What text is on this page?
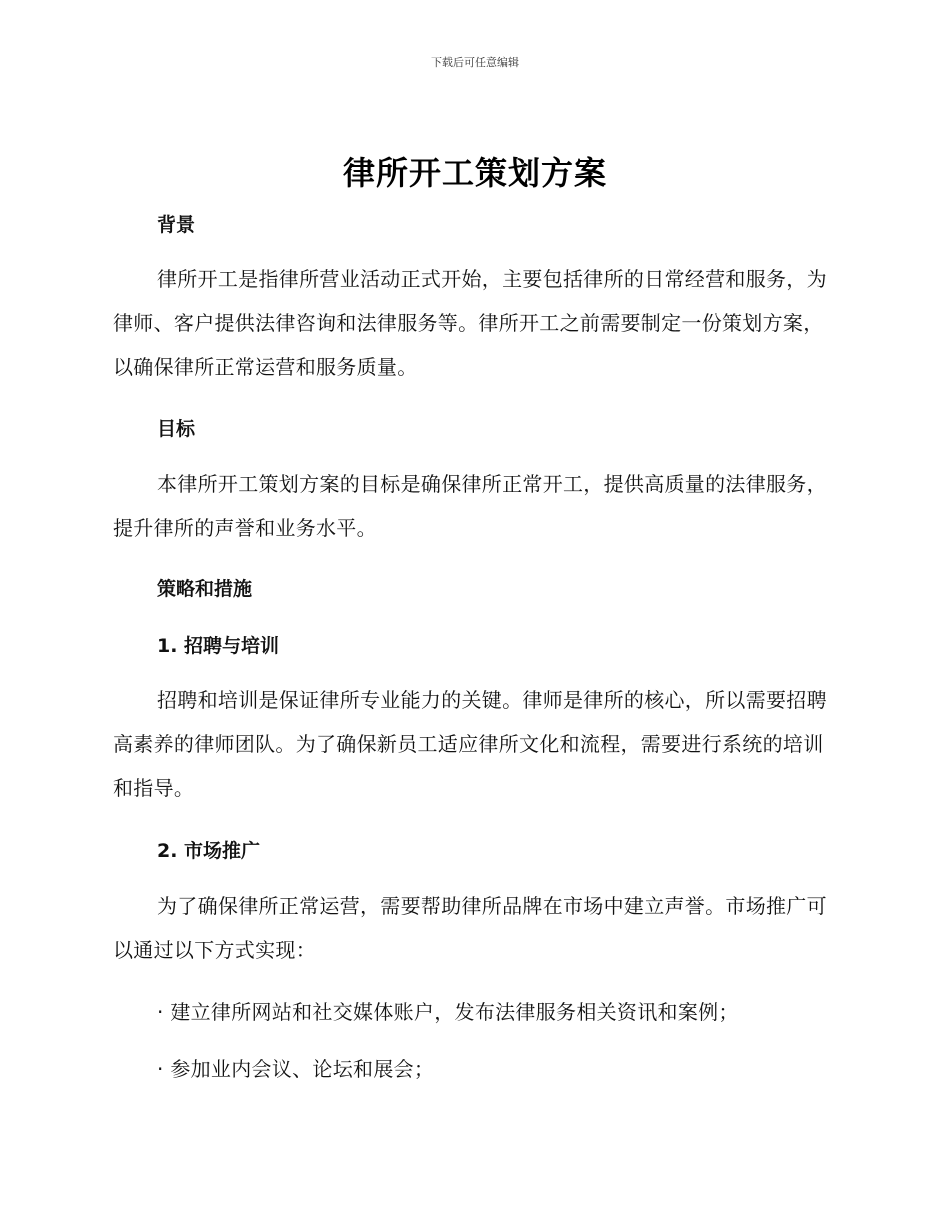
下载后可任意编辑
律所开工策划方案
背景
律所开工是指律所营业活动正式开始，主要包括律所的日常经营和服务，为律师、客户提供法律咨询和法律服务等。律所开工之前需要制定一份策划方案，以确保律所正常运营和服务质量。
目标
本律所开工策划方案的目标是确保律所正常开工，提供高质量的法律服务，提升律所的声誉和业务水平。
策略和措施
1. 招聘与培训
招聘和培训是保证律所专业能力的关键。律师是律所的核心，所以需要招聘高素养的律师团队。为了确保新员工适应律所文化和流程，需要进行系统的培训和指导。
2. 市场推广
为了确保律所正常运营，需要帮助律所品牌在市场中建立声誉。市场推广可以通过以下方式实现：
· 建立律所网站和社交媒体账户，发布法律服务相关资讯和案例；
· 参加业内会议、论坛和展会；
